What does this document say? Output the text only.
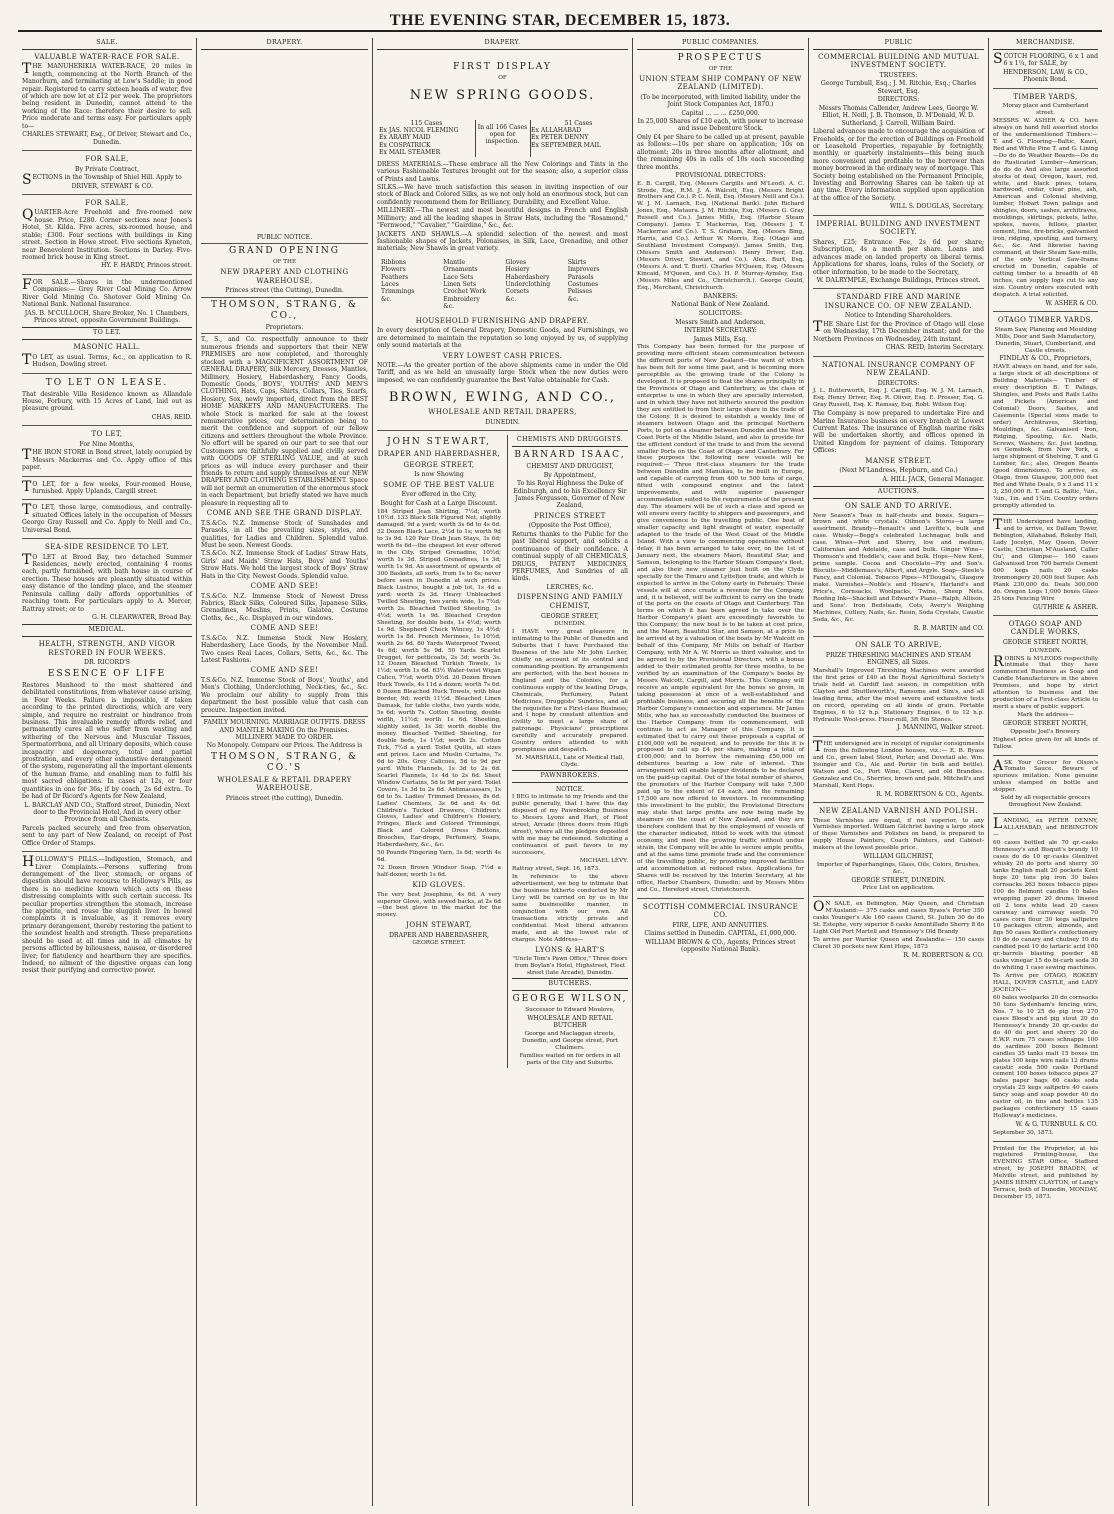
THE EVENING STAR, DECEMBER 15, 1873.
SALE.
VALUABLE WATER-RACE FOR SALE.

THE MANUHERIKIA WATER-RACE, 20 miles in length, commencing at the North Branch of the Manorburn, and terminating at Low's Saddle; in good repair. Registered to carry sixteen heads of water, five of which are now let at £12 per week. The proprietors being resident in Dunedin, cannot attend to the working of the Race: therefore their desire to sell. Price moderate and terms easy. For particulars apply to—

CHARLES STEWART, Esq., Of Driver, Stewart and Co., Dunedin.

FOR SALE,
By Private Contract,

SECTIONS in the Township of Shiel Hill. Apply to

DRIVER, STEWART & CO.

FOR SALE,

QUARTER-Acre Freehold and five-roomed new house. Price, £280. Corner sections near Jones's Hotel, St. Kilda. Five acres, six-roomed house, and stable; £300. Four sections with buildings in King street. Section in Howe street. Five sections Kyneton, near Benevolent Institution. Sections in Darley. Five-roomed brick house in King street.

HY. F. HARDY, Princes street.

FOR SALE.—Shares in the undermentioned Companies:— Grey River Coal Mining Co. Arrow River Gold Mining Co. Shotover Gold Mining Co. National Bank. National Insurance.

JAS. B. M'CULLOCH, Share Broker, No. 1 Chambers, Princes street, opposite Government Buildings.

TO LET.
MASONIC HALL.

TO LET, as usual. Terms, &c., on application to R. Hudson, Dowling street.

TO LET ON LEASE.

That desirable Villa Residence known as Allandale House, Forbury, with 15 Acres of Land, laid out as pleasure ground.

CHAS. REID.

TO LET,
For Nine Months,

THE IRON STORE in Bond street, lately occupied by Messrs Mackerras and Co. Apply office of this paper.

TO LET, for a few weeks, Four-roomed House, furnished. Apply Uplands, Cargill street.

TO LET, those large, commodious, and centrally-situated Offices lately in the occupation of Messrs George Gray Russell and Co. Apply to Neill and Co., Universal Bond.

SEA-SIDE RESIDENCE TO LET.

TO LET at Brood Bay, two detached Summer Residences, newly erected, containing 4 rooms each, partly furnished, with bath house in course of erection. These houses are pleasantly situated within easy distance of the landing place, and the steamer Peninsula calling daily affords opportunities of reaching town. For particulars apply to A. Mercer, Rattray street; or to

G. H. CLEARWATER, Broad Bay.

MEDICAL.
HEALTH, STRENGTH, AND VIGOR RESTORED IN FOUR WEEKS.
DR. RICORD'S
ESSENCE OF LIFE

Restores Manhood to the most shattered and debilitated constitutions, from whatever cause arising, in Four Weeks. Failure is impossible, if taken according to the printed directions, which are very simple, and require no restraint or hindrance from business. This invaluable remedy affords relief, and permanently cures all who suffer from wasting and withering of the Nervous and Muscular Tissues, Spermatorrhœa, and all Urinary deposits, which cause incapacity and degeneracy, total and partial prostration, and every other exhaustive derangement of the system, regenerating all the important elements of the human frame, and enabling man to fulfil his most sacred obligations. In cases at 12s, or four quantities in one for 36s; if by coach, 2s 6d extra. To be had of Dr Ricord's Agents for New Zealand,

L. BARCLAY AND CO., Stafford street, Dunedin, Next door to the Provincial Hotel, And in every other Province from all Chemists.

Parcels packed securely, and free from observation, sent to any part of New Zealand, on receipt of Post Office Order of Stamps.

HOLLOWAY'S PILLS.—Indigestion, Stomach, and Liver Complaints.—Persons suffering from derangement of the liver, stomach, or organs of digestion should have recourse to Holloway's Pills, as there is no medicine known which acts on these distressing complaints with such certain success. Its peculiar properties strengthen the stomach, increase the appetite, and rouse the sluggish liver. In bowel complaints it is invaluable, as it removes every primary derangement, thereby restoring the patient to the soundest health and strength. These preparations should be used at all times and in all climates by persons afflicted by biliousness, nausea, or disordered liver; for flatulency and heartburn they are specifics. Indeed, no ailment of the digestive organs can long resist their purifying and corrective power.

DRAPERY.
PUBLIC NOTICE.
GRAND OPENING
OF THE
NEW DRAPERY AND CLOTHING WAREHOUSE,
Princes street (the Cutting), Dunedin.
THOMSON, STRANG, & CO.,
Proprietors.

T., S., and Co. respectfully announce to their numerous friends and supporters that their NEW PREMISES are now completed, and thoroughly stocked with a MAGNIFICENT ASSORTMENT OF GENERAL DRAPERY, Silk Mercery, Dresses, Mantles, Millinery, Hosiery, Haberdashery, Fancy Goods, Domestic Goods, BOYS', YOUTHS' AND MEN'S CLOTHING, Hats, Caps, Shirts, Collars, Ties, Scarfs, Hosiery, Sox, newly imported, direct from the BEST HOME MARKETS AND MANUFACTURERS. The whole Stock is marked for sale at the lowest remunerative prices, our determination being to merit the confidence and support of our fellow citizens and settlers throughout the whole Province. No effort will be spared on our part to see that our Customers are faithfully supplied and civilly served with GOODS OF STERLING VALUE, and at such prices as will induce every purchaser and their friends to return and supply themselves at our NEW DRAPERY AND CLOTHING ESTABLISHMENT. Space will not permit an enumeration of the enormous stock in each Department, but briefly stated we have much pleasure in requesting all to

COME AND SEE THE GRAND DISPLAY.

T.S.&Co. N.Z. Immense Stock of Sunshades and Parasols, in all the prevailing sizes, styles, and qualities, for Ladies and Children. Splendid value. Must be seen. Newest Goods.

T.S.&Co. N.Z. Immense Stock of Ladies' Straw Hats, Girls' and Maids' Straw Hats, Boys' and Youths' Straw Hats. We hold the largest stock of Boys' Straw Hats in the City. Newest Goods. Splendid value.

COME AND SEE!

T.S.&Co. N.Z. Immense Stock of Newest Dress Fabrics, Black Silks, Coloured Silks, Japanese Silks, Grenadines, Muslins, Prints, Galatea, Costume Cloths, &c., &c. Displayed in our windows.

COME AND SEE!

T.S.&Co. N.Z. Immense Stock New Hosiery, Haberdashery, Lace Goods, by the November Mail. Two cases Real Laces, Collars, Setts, &c., &c. The Latest Fashions.

COME AND SEE!

T.S.&Co. N.Z. Immense Stock of Boys', Youths', and Men's Clothing, Underclothing, Neck-ties, &c., &c. We proclaim our ability to supply from this department the best possible value that cash can procure. Inspection invited.

FAMILY MOURNING. MARRIAGE OUTFITS. DRESS AND MANTLE MAKING On the Premises. MILLINERY MADE TO ORDER.

No Monopoly. Compare our Prices. The Address is

THOMSON, STRANG, & CO.'S
WHOLESALE & RETAIL DRAPERY WAREHOUSE,
Princes street (the cutting), Dunedin.
DRAPERY.
FIRST DISPLAY
OF
NEW SPRING GOODS.
115 Cases
Ex JAS. NICOL FLEMING
Ex ARABY MAID
Ex COSPATRICK
Ex MAIL STEAMER
In all 166 Cases open for inspection.
51 Cases
Ex ALLAHABAD
Ex PETER DENNY
Ex SEPTEMBER MAIL

DRESS MATERIALS.—These embrace all the New Colorings and Tints in the various Fashionable Textures brought out for the season; also, a superior class of Prints and Lawns.

SILKS.—We have much satisfaction this season in inviting inspection of our stock of Black and Colored Silks, as we not only hold an enormous stock, but can confidently recommend them for Brilliancy, Durability, and Excellent Value.

MILLINERY.—The newest and most beautiful designs in French and English Millinery; and all the leading shapes in Straw Hats, including the "Rosamond," "Fernwood," "Cavalier," "Gairdine," &c., &c.

JACKETS AND SHAWLS.—A splendid selection of the newest and most fashionable shapes of Jackets, Polonaises, in Silk, Lace, Grenadine, and other materials; New Shawls in great variety.

Ribbons
Flowers
Feathers
Laces
Trimmings
&c.
Mantle Ornaments
Lace Sets
Linen Sets
Crochet Work
Embroidery
&c.
Gloves
Hosiery
Haberdashery
Underclothing
Corsets
&c.
Skirts
Improvers
Parasols
Costumes
Pelisses
&c.
HOUSEHOLD FURNISHING AND DRAPERY.

In every description of General Drapery, Domestic Goods, and Furnishings, we are determined to maintain the reputation so long enjoyed by us, of supplying only sound materials at the

VERY LOWEST CASH PRICES.

NOTE.—As the greater portion of the above shipments came in under the Old Tariff, and as we held an unusually large Stock when the new duties were imposed, we can confidently guarantee the Best Value obtainable for Cash.

BROWN, EWING, AND CO.,
WHOLESALE AND RETAIL DRAPERS,
DUNEDIN.
JOHN STEWART,
DRAPER AND HABERDASHER,
GEORGE STREET,
Is now Showing
SOME OF THE BEST VALUE
Ever offered in the City,
Bought for Cash at a Large Discount.

184 Striped Jean Shirting, 7½d; worth 10½d. 133 Black Silk Figured Net, slightly damaged, 9d a yard; worth 3s 6d to 4s 6d. 32 Dozen Black Lace, 2½d to 1s; worth 9d to 3s 9d. 120 Pair Drab Jean Stays, 3s 6d; worth 6s 6d—the cheapest lot ever offered in the City. Striped Grenadine, 10½d; worth 1s 3d. Striped Grenadines, 1s 3d; worth 1s 9d. An assortment of upwards of 300 Baskets, all sorts, from 1s to 6s; never before seen in Dunedin at such prices. Black Lustres, bought a job lot, 1s 4d a yard; worth 2s 3d. Heavy Unbleached Twilled Sheeting, two yards wide, 1s 7½d; worth 2s. Bleached Twilled Sheeting, 1s 4½d; worth 1s 9d. Bleached Croydon Sheeting, for double beds, 1s 4½d; worth 1s 9d. Shepherd Check Wincey, 1s 4½d; worth 1s 8d. French Merinoes, 1s 10½d; worth 2s 6d. 80 Yards Waterproof Tweed, 4s 6d; worth 5s 9d. 50 Yards Scarlet Drugget, for petticoats, 2s 3d; worth 3s. 12 Dozen Bleached Turkish Towels, 1s 1½d; worth 1s 6d. 63½ Water-twist Wigan Calico, 7½d; worth 9½d. 20 Dozen Brown Huck Towels, 4s 11d a dozen; worth 7s 6d. 6 Dozen Bleached Huck Towels, with blue border, 9d; worth 11½d. Bleached Linen Damask, for table cloths, two yards wide, 5s 6d; worth 7s. Cotton Sheeting, double width, 11½d; worth 1s 6d. Sheeting, slightly soiled, 1s 3d; worth double the money. Bleached Twilled Sheeting, for double beds, 1s 1½d; worth 2s. Cotton Tick, 7½d a yard. Toilet Quilts, all sizes and prices. Lace and Muslin Curtains, 7s 6d to 20s. Grey Calicoes, 5d to 9d per yard. White Flannels, 1s 3d to 2s 6d. Scarlet Flannels, 1s 4d to 2s 6d. Sheet Window Curtains, 5d to 9d per yard. Toilet Covers, 1s 3d to 2s 6d. Antimacassars, 1s 6d to 5s. Ladies' Trimmed Dresses, 8s 6d. Ladies' Chemises, 3s 6d and 4s 6d. Children's Tucked Drawers, Children's Gloves, Ladies' and Children's Hosiery, Fringes, Black and Colored Trimmings, Black and Colored Dress Buttons, Brooches, Ear-drops, Perfumery, Soaps, Haberdashery, &c., &c.

50 Pounds Fingering Yarn, 3s 6d; worth 4s 6d.

72 Dozen Brown Windsor Soap, 7½d a half-dozen; worth 1s 6d.

KID GLOVES.

The very best Josephine, 4s 6d. A very superior Glove, with sewed backs, at 2s 6d—the best glove in the market for the money.

JOHN STEWART,
DRAPER AND HABERDASHER,
GEORGE STREET.
CHEMISTS AND DRUGGISTS.
BARNARD ISAAC,
CHEMIST AND DRUGGIST,
By Appointment,

To his Royal Highness the Duke of Edinburgh, and to his Excellency Sir James Fergusson, Governor of New Zealand,

PRINCES STREET
(Opposite the Post Office),

Returns thanks to the Public for the past liberal support, and solicits a continuance of their confidence. A continual supply of all CHEMICALS, DRUGS, PATENT MEDICINES, PERFUMES, And Sundries of all kinds.

LERCHES, &c.
DISPENSING AND FAMILY CHEMIST,
GEORGE STREET,
DUNEDIN.

I HAVE very great pleasure in intimating to the Public of Dunedin and Suburbs that I have Purchased the Business of the late Mr John Lecher, chiefly on account of its central and commanding position. By arrangements are perfected, with the best houses in England and the Colonies, for a continuous supply of the leading Drugs, Chemicals, Perfumery, Patent Medicines, Druggists' Sundries, and all the requisites for a First-class Business; and I hope by constant attention and civility to meet a large share of patronage. Physicians' prescriptions carefully and accurately prepared. Country orders attended to with promptness and despatch.

M. MARSHALL, Late of Medical Hall, Clyde.

PAWNBROKERS.
NOTICE.

I BEG to intimate to my friends and the public generally, that I have this day disposed of my Pawnbroking Business to Messrs Lyons and Hart, of Fleet street, Arcade (three doors from High street), where all the pledges deposited with me may be redeemed. Soliciting a continuance of past favors to my successors,

MICHAEL LEVY.

Rattray street, Sept. 16, 1873.

In reference to the above advertisement, we beg to intimate that the business hitherto conducted by Mr Levy will be carried on by us in the same businesslike manner, in conjunction with our own. All transactions strictly private and confidential. Most liberal advances made, and at the lowest rate of charges. Note Address—

LYONS & HART'S

"Uncle Tom's Pawn Office," Three doors from Boylan's Hotel, Highstreet, Fleet street (late Arcade), Dunedin.

BUTCHERS.
GEORGE WILSON,
Successor to Edward Moulove,
WHOLESALE AND RETAIL BUTCHER

George and Maclaggan streets, Dunedin, and George street, Port Chalmers.

Families waited on for orders in all parts of the City and Suburbs.

PUBLIC COMPANIES.
PROSPECTUS
OF THE
UNION STEAM SHIP COMPANY OF NEW ZEALAND (LIMITED).

(To be incorporated, with limited liability, under the Joint Stock Companies Act, 1870.)

Capital ... ... ... £250,000.

In 25,000 Shares of £10 each, with power to increase and issue Debenture Stock.

Only £4 per Share to be called up at present, payable as follows:—10s per share on application; 10s on allotment; 20s in three months after allotment, and the remaining 40s in calls of 10s each succeeding three months.

PROVISIONAL DIRECTORS:

E. B. Cargill, Esq. (Messrs Cargills and M'Leod). A. C. Strode, Esq., R.M. J. A. Walcott, Esq. (Messrs Bright Brothers and Co.). P. C. Neill, Esq. (Messrs Neill and Co.). W. J. M. Larnach, Esq. (National Bank). John Richard Jones, Esq., Mataura. J. M. Ritchie, Esq. (Messrs G. Gray Russell and Co.). James Mills, Esq. (Harbor Steam Company). James T. Mackerras, Esq. (Messrs J. T. Mackerras and Co.). T. S. Graham, Esq. (Messrs Bing, Harris, and Co.). Arthur W. Morris, Esq. (Otago and Southland Investment Company). James Smith, Esq. (Messrs Smith and Anderson). Henry Driver, Esq. (Messrs Driver, Stewart, and Co.). Alex. Burt, Esq. (Messrs A. and T. Burt). Charles M'Queen, Esq. (Messrs Kincaid, M'Queen, and Co.). H. P. Murray-Aynsley, Esq. (Messrs Miles and Co., Christchurch.). George Gould, Esq., Merchant, Christchurch.

BANKERS:
National Bank of New Zealand.
SOLICITORS:
Messrs Smith and Anderson.
INTERIM SECRETARY:
James Mills, Esq.

This Company has been formed for the purpose of providing more efficient steam communication between the different ports of New Zealand—the want of which has been felt for some time past, and is becoming more perceptible as the growing trade of the Colony is developed. It is proposed to float the shares principally in the Provinces of Otago and Canterbury, as the class of enterprise is one in which they are specially interested, and in which they have not hitherto secured the position they are entitled to from their large share in the trade of the Colony. It is desired to establish a weekly line of steamers between Otago and the principal Northern Ports, to put on a steamer between Dunedin and the West Coast Ports of the Middle Island, and also to provide for the efficient conduct of the trade to and from the several smaller Ports on the Coast of Otago and Canterbury. For these purposes the following new vessels will be required:— Three first-class steamers for the trade between Dunedin and Manukau, to be built in Europe, and capable of carrying from 400 to 500 tons of cargo, fitted with compound engines and the latest improvements, and with superior passenger accommodation suited to the requirements of the present day. The steamers will be of such a class and speed as will ensure every facility to shippers and passengers, and give convenience to the travelling public. One boat of smaller capacity and light draught of water, especially adapted to the trade of the West Coast of the Middle Island. With a view to commencing operations without delay, it has been arranged to take over, on the 1st of January next, the steamers Maori, Beautiful Star, and Samson, belonging to the Harbor Steam Company's fleet, and also their new steamer just built on the Clyde specially for the Timaru and Lyttelton trade, and which is expected to arrive in the Colony early in February. These vessels will at once create a revenue for the Company, and, it is believed, will be sufficient to carry on the trade of the ports on the coasts of Otago and Canterbury. The terms on which it has been agreed to take over the Harbor Company's plant are exceedingly favorable to this Company; the new boat is to be taken at cost price, and the Maori, Beautiful Star, and Samson, at a price to be arrived at by a valuation of the boats by Mr Walcott on behalf of this Company, Mr Mills on behalf of Harbor Company, with Mr A. W. Morris as third valuator, and to be agreed to by the Provisional Directors, with a bonus added to their estimated profits for three months, to be verified by an examination of the Company's books by Messrs Walcott, Cargill, and Morris. This Company will receive an ample equivalent for the bonus so given, in taking possession at once of a well-established and profitable business, and securing all the benefits of the Harbor Company's connection and experience. Mr James Mills, who has so successfully conducted the business of the Harbor Company from its commencement, will continue to act as Manager of this Company. It is estimated that to carry out these proposals a capital of £100,000 will be required, and to provide for this it is proposed to call up £4 per share, making a total of £100,000; and to borrow the remaining £50,000 on debentures bearing a low rate of interest. This arrangement will enable larger dividends to be declared on the paid-up capital. Out of the total number of shares, the promoters of the Harbor Company will take 7,500 paid up to the extent of £4 each, and the remaining 17,500 are now offered to investors. In recommending this investment to the public, the Provisional Directors may state that large profits are now being made by steamers on the coast of New Zealand, and they are therefore confident that by the employment of vessels of the character indicated, fitted to work with the utmost economy, and meet the growing traffic without undue strain, the Company will be able to secure ample profits, and at the same time promote trade and the convenience of the travelling public, by providing improved facilities and accommodation at reduced rates. Applications for Shares will be received by the Interim Secretary, at his office, Harbor Chambers, Dunedin; and by Messrs Miles and Co., Hereford street, Christchurch.

SCOTTISH COMMERCIAL INSURANCE CO.
FIRE, LIFE, AND ANNUITIES.

Claims settled in Dunedin. CAPITAL, £1,000,000.

WILLIAM BROWN & CO., Agents, Princes street (opposite National Bank).

PUBLIC
COMMERCIAL BUILDING AND MUTUAL INVESTMENT SOCIETY.
TRUSTEES:

George Turnbull, Esq.; J. M. Ritchie, Esq.; Charles Stewart, Esq.

DIRECTORS:

Messrs Thomas Callender, Andrew Lees, George W. Elliot, H. Neill, J. B. Thomson, D. M'Donald, W. D. Sutherland, J. Carroll, William Baird.

Liberal advances made to encourage the acquisition of Freeholds, or for the erection of Buildings on Freehold or Leasehold Properties, repayable by fortnightly, monthly, or quarterly instalments—this being much more convenient and profitable to the borrower than money borrowed in the ordinary way of mortgage. This Society being established on the Permanent Principle, Investing and Borrowing Shares can be taken up at any time. Every information supplied upon application at the office of the Society.

WILL S. DOUGLAS, Secretary.

IMPERIAL BUILDING AND INVESTMENT SOCIETY.

Shares, £25; Entrance Fee, 2s 6d per share; Subscription, 4s a month per share. Loans and advances made on landed property on liberal terms. Applications for shares, loans, rules of the Society, or other information, to be made to the Secretary,

W. DALRYMPLE, Exchange Buildings, Princes street.

STANDARD FIRE AND MARINE INSURANCE CO. OF NEW ZEALAND.
Notice to Intending Shareholders.

THE Share List for the Province of Otago will close on Wednesday, 17th December instant; and for the Northern Provinces on Wednesday, 24th instant.

CHAS. REID, Interim Secretary.

NATIONAL INSURANCE COMPANY OF NEW ZEALAND.
DIRECTORS:

J. L. Butterworth, Esq. J. Cargill, Esq. W. J. M. Larnach, Esq. Henry Driver, Esq. R. Oliver, Esq. E. Prosser, Esq. G. Gray Russell, Esq. K. Ramsay, Esq. Robt. Wilson Esq.

The Company is now prepared to undertake Fire and Marine Insurance business on every branch at Lowest Current Rates. The insurance of English marine risks will be undertaken shortly, and offices opened in United Kingdom for payment of claims. Temporary Offices:

MANSE STREET.
(Next M'Landress, Hepburn, and Co.)

A. HILL JACK, General Manager.

AUCTIONS.
ON SALE AND TO ARRIVE.

New Season's Teas in half-chests and boxes. Sugars—brown and white crystals. Oilmen's Stores—a large assortment. Brandy—Renault's and Levitte's, bulk and case. Whisky—Begg's celebrated Lochnagar, bulk and case. Wines—Port and Sherry, low and medium, Californian and Adelaide, case and bulk. Ginger Wine—Thomson's and Heddle's, case and bulk. Hops—New Kent, prime sample. Cocoa and Chocolate—Fry and Son's. Biscuits—Middlemass's, Albert, and Argyle. Soap—Steele's Fancy, and Colonial. Tobacco Pipes—M'Dougal's, Glasgow make. Varnishes—Noble's and Hoare's, Harland's and Price's. Cornsacks, Woolpacks, Twine, Sheep Nets. Roofing Ink—Shackell and Edward's Piano—Ralph, Allison, and Sons'. Iron Bedsteads, Cots, Avery's Weighing Machines, Cutlery, Nails, &c. Resin, Soda Crystals, Caustic Soda, &c., &c.

R. B. MARTIN and CO.

ON SALE TO ARRIVE,
PRIZE THRESHING MACHINES AND STEAM ENGINES, all Sizes.

Marshall's Improved Threshing Machines were awarded the first prize of £40 at the Royal Agricultural Society's trials held at Cardiff last season, in competition with Clayton and Shuttleworth's, Ransome and Sim's, and all leading firms, after the most severe and exhaustive tests on record, operating on all kinds of grain. Portable Engines, 6 to 12 h.p. Stationary Engines, 6 to 12 h.p. Hydraulic Wool-press. Flour-mill, 3ft 6in Stones.

J. MANNING, Walker street.

THE undersigned are in receipt of regular consignments from the following London houses, viz.:— E. B. Byass and Co., green label Stout, Porter, and Dovetail ale. Wm. Younger and Co., Ale and Porter (in bulk and bottle). Watson and Co., Port Wine, Claret, and old Brandies. Gonzalez and Co., Sherries, brown and pale. Mitchell's and Marshall, Kent Hops.

R. M. ROBERTSON & CO., Agents.

NEW ZEALAND VARNISH AND POLISH.

These Varnishes are equal, if not superior, to any Varnishes imported. William Gilchrist having a large stock of these Varnishes and Polishes on hand, is prepared to supply House Painters, Coach Painters, and Cabinet-makers at the lowest possible price.

WILLIAM GILCHRIST,
Importer of Paperhangings, Glass, Oils, Colors, Brushes, &c.,
GEORGE STREET, DUNEDIN.
Price List on application.

ON SALE, ex Bebington, May Queen, and Christian M'Ausland:— 375 casks and cases Byass's Porter 350 casks Younger's Ale 160 cases Claret, St. Julien 30 do do St. Estephe, very superior 8 casks Amontillado Sherry 8 do Light Old Port Martell and Hennessy's Old Brandy

To arrive per Warrior Queen and Zealandia:— 150 cases Claret 30 pockets new Kent Hops, 1873

R. M. ROBERTSON & CO.

MERCHANDISE.

SCOTCH FLOORING, 6 x 1 and 6 x 1¼, for SALE, by

HENDERSON, LAW, & CO., Phoenix Bond.

TIMBER YARDS,
Moray place and Cumberland street.

MESSRS W. ASHER & CO. have always on hand full assorted stocks of the undermentioned Timbers:— T. and G. Flooring—Baltic, Kauri, Red and White Pine T. and G. Lining—Do do do Weather Boards—Do do do Rusticated Lumber—American, do do do And also large assorted stocks of deal, Oregon, kauri, red, white, and black pines, totara, hardwood, cedar, clear pine, ash, American and Colonial shelving, lumber, Hobart Town palings and shingles, doors, sashes, architraves, mouldings, skirtings, pickets, laths, spokes, naves, felloes, plaster, cement, lime, fire-bricks, galvanised iron, ridging, spouting, and turnery, &c., &c. And likewise having command, at their Steam Saw-mills, of the only Vertical Saw-frame erected in Dunedin, capable of cutting timber to a breadth of 48 inches, can supply logs cut to any size. Country orders executed with despatch. A trial solicited.

W. ASHER & CO.

OTAGO TIMBER YARDS.

Steam Saw, Planeing and Moulding Mills, Door and Sash Manufactory, Dunedin, Stuart, Cumberland, and Castle streets.

FINDLAY & CO., Proprietors,

HAVE always on hand, and for sale, a large stock of all descriptions of Building Materials— Timber of every description B. T. Palings, Shingles, and Posts and Rails Laths and Pickets (American and Colonial) Doors, Sashes, and Casements (Special sizes made to order) Architraves, Skirting, Mouldings, &c. Galvanised Iron, Ridging, Spouting, &c. Nails, Screws, Washers, &c. Just landing, ex Gemsbok, from New York, a large shipment of Shelving, T. and G Lumber, &c.; also, Oregon Beams (good dimensions). To arrive, ex Otago, from Glasgow, 200,000 feet Red and White Deals, 9 x 3 and 11 x 3; 250,000 ft. T. and G. Baltic, ¾in., ⅞in., 1in. and 1¼in. Country orders promptly attended to.

THE Undersigned have landing, and to arrive, ex Dallam Tower, Bebington, Allahabad, Rokeby Hall, Lady Jocelyn, May Queen, Dover Castle, Christian M'Ausland, Caller Ou', and Glimpse— 160 cases Galvanised Iron 700 barrels Cement 600 kegs nails 20 casks Ironmongery 20,000 feet Super. Ash Plank 230,000 do. Deals 300,000 do. Oregon Logs 1,000 boxes Glass 25 tons Fencing Wire

GUTHRIE & ASHER.

OTAGO SOAP AND CANDLE WORKS,
GEORGE STREET NORTH,
DUNEDIN.

ROBINS & M'LEODS respectfully intimate that they have commenced Business as Soap and Candle Manufacturers in the above Premises, and hope by strict attention to business and the production of a First-class Article to merit a share of public support.

Mark the address—
GEORGE STREET NORTH,
Opposite Joel's Brewery.

Highest price given for all kinds of Tallow.

ASK Your Grocer for Olson's Tomato Sauce. Beware of spurious imitation. None genuine unless stamped on bottle and stopper.

Sold by all respectable grocers throughout New Zealand.

LANDING, ex PETER DENNY, ALLAHABAD, and BEBINGTON—

60 cases bottled ale 70 qr.-casks Hennessy's and Bisquit's brandy 10 cases do do 10 qr.-casks Glenlivet whisky 20 do ports and sherry 30 tanks English malt 20 pockets Kent hops 20 tons pig iron 30 bales cornsacks 263 boxes tobacco pipes 100 do Belmont candles 10 bales wrapping paper 20 drums linseed oil 2 tons white lead 20 cases caraway and carraway seeds 70 cases corn flour 30 kegs saltpetre 10 packages citron, almonds, and figs 50 cases Keiller's confectionery 10 do do canary and chutney 10 do candied peel 10 do tartaric acid 100 qr.-barrels blasting powder 48 casks vinegar 15 do bi-carb soda 30 do whiting 1 case sewing machines.

To Arrive per OTAGO, ROKEBY HALL, DOVER CASTLE, and LADY JOCELYN—

60 bales woolpacks 20 do cornsacks 50 tons Sydenham's fencing wire, Nos. 7 to 10 25 do pig iron 270 cases Blood's and pig stout 20 do Hennessy's brandy 20 qr.-casks do do 40 do port and sherry 20 do E.W.P. rum 75 cases schnapps 100 do sardines 200 boxes Belmont candles 35 tanks malt 15 boxes tin plates 100 kegs wire nails 12 drums caustic soda 500 casks Portland cement 100 boxes tobacco pipes 27 bales paper bags 60 casks soda crystals 25 kegs saltpetre 40 cases fancy soap and soap powder 40 do castor oil, in tins and bottles 135 packages confectionery 15 cases Holloway's medicines.

W. & G. TURNBULL & CO.

September 30, 1873.

Printed for the Proprietor, at his registered Printing-house, the EVENING STAR Office, Stafford street, by JOSEPH BRADEN, of Melville street, and published by JAMES HENRY CLAYTON, of Lang's Terrace, both of Dunedin, MONDAY, December 15, 1873.
